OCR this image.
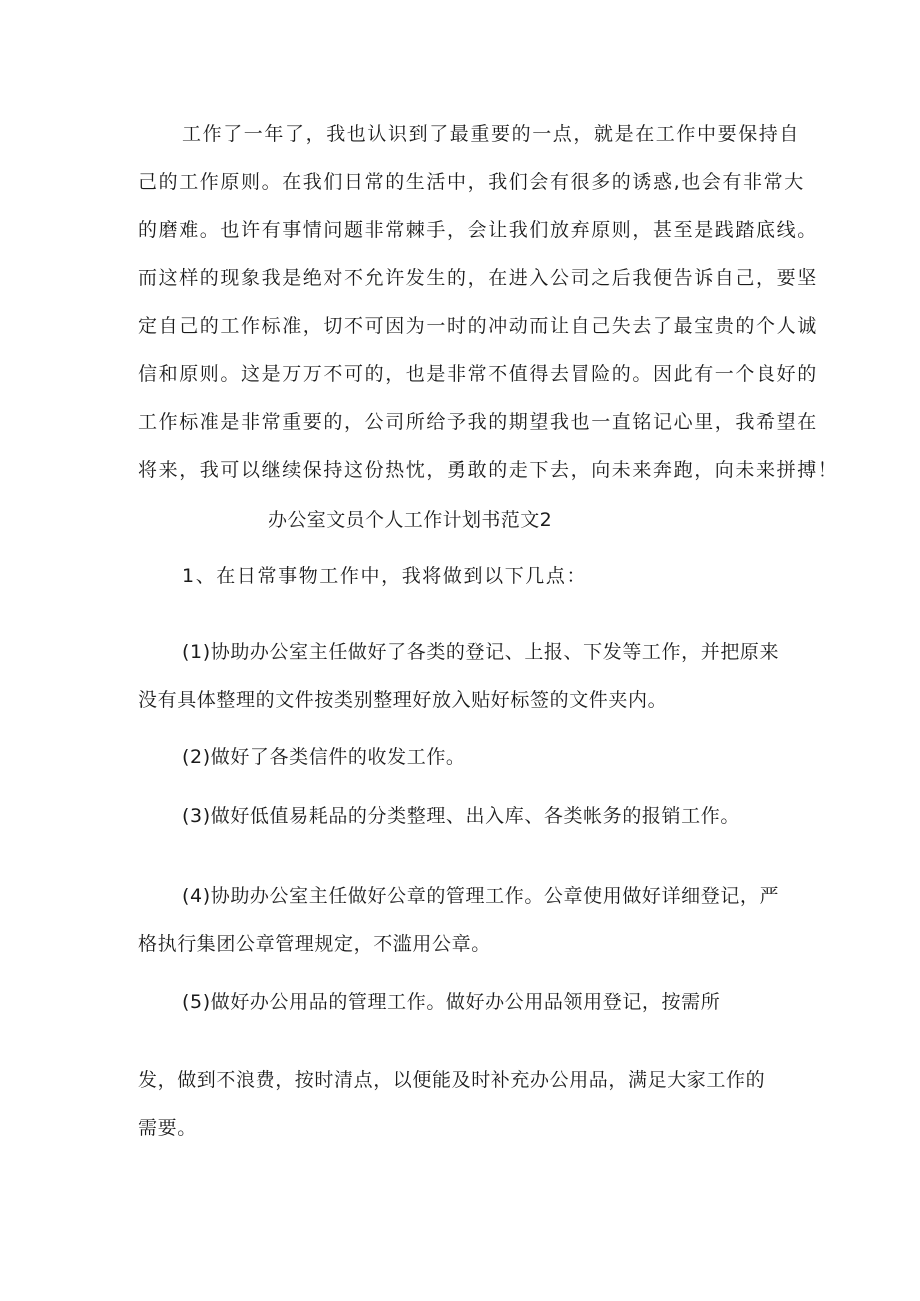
工作了一年了，我也认识到了最重要的一点，就是在工作中要保持自
己的工作原则。在我们日常的生活中，我们会有很多的诱惑,也会有非常大
的磨难。也许有事情问题非常棘手，会让我们放弃原则，甚至是践踏底线。
而这样的现象我是绝对不允许发生的，在进入公司之后我便告诉自己，要坚
定自己的工作标准，切不可因为一时的冲动而让自己失去了最宝贵的个人诚
信和原则。这是万万不可的，也是非常不值得去冒险的。因此有一个良好的
工作标准是非常重要的，公司所给予我的期望我也一直铭记心里，我希望在
将来，我可以继续保持这份热忱，勇敢的走下去，向未来奔跑，向未来拼搏！
办公室文员个人工作计划书范文2
1、在日常事物工作中，我将做到以下几点：
(1)协助办公室主任做好了各类的登记、上报、下发等工作，并把原来
没有具体整理的文件按类别整理好放入贴好标签的文件夹内。
(2)做好了各类信件的收发工作。
(3)做好低值易耗品的分类整理、出入库、各类帐务的报销工作。
(4)协助办公室主任做好公章的管理工作。公章使用做好详细登记，严
格执行集团公章管理规定，不滥用公章。
(5)做好办公用品的管理工作。做好办公用品领用登记，按需所
发，做到不浪费，按时清点，以便能及时补充办公用品，满足大家工作的
需要。
